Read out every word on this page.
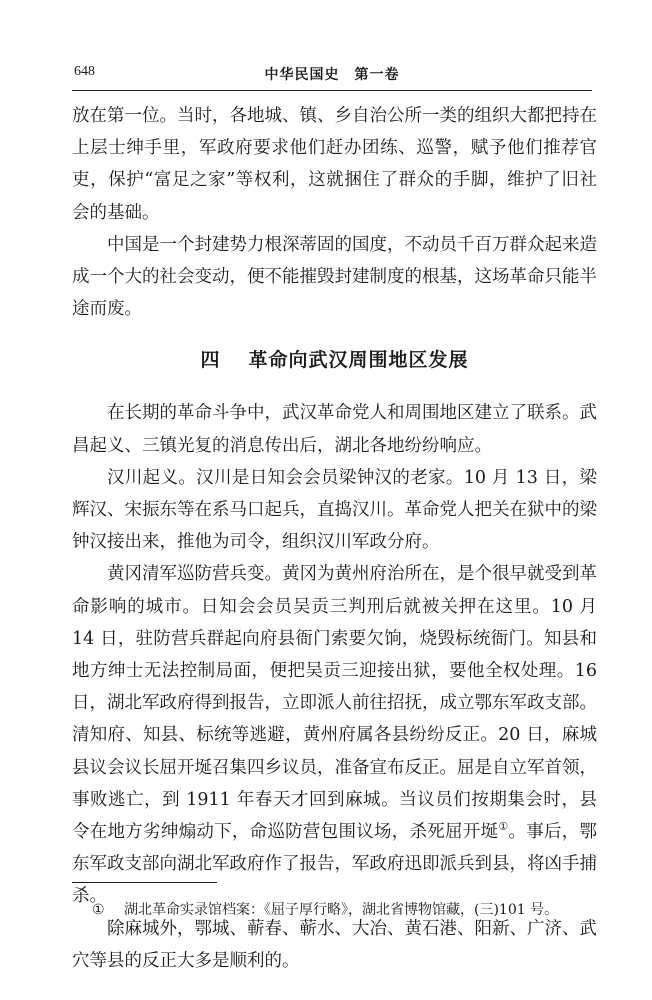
648	中华民国史　第一卷

放在第一位。当时，各地城、镇、乡自治公所一类的组织大都把持在上层士绅手里，军政府要求他们赶办团练、巡警，赋予他们推荐官吏，保护“富足之家”等权利，这就捆住了群众的手脚，维护了旧社会的基础。

中国是一个封建势力根深蒂固的国度，不动员千百万群众起来造成一个大的社会变动，便不能摧毁封建制度的根基，这场革命只能半途而废。

四 革命向武汉周围地区发展

在长期的革命斗争中，武汉革命党人和周围地区建立了联系。武昌起义、三镇光复的消息传出后，湖北各地纷纷响应。

汉川起义。汉川是日知会会员梁钟汉的老家。10 月 13 日，梁辉汉、宋振东等在系马口起兵，直捣汉川。革命党人把关在狱中的梁钟汉接出来，推他为司令，组织汉川军政分府。

黄冈清军巡防营兵变。黄冈为黄州府治所在，是个很早就受到革命影响的城市。日知会会员吴贡三判刑后就被关押在这里。10 月 14 日，驻防营兵群起向府县衙门索要欠饷，烧毁标统衙门。知县和地方绅士无法控制局面，便把吴贡三迎接出狱，要他全权处理。16 日，湖北军政府得到报告，立即派人前往招抚，成立鄂东军政支部。清知府、知县、标统等逃避，黄州府属各县纷纷反正。20 日，麻城县议会议长屈开埏召集四乡议员，准备宣布反正。屈是自立军首领，事败逃亡，到 1911 年春天才回到麻城。当议员们按期集会时，县令在地方劣绅煽动下，命巡防营包围议场，杀死屈开埏①。事后，鄂东军政支部向湖北军政府作了报告，军政府迅即派兵到县，将凶手捕杀。

除麻城外，鄂城、蕲春、蕲水、大冶、黄石港、阳新、广济、武穴等县的反正大多是顺利的。

① 湖北革命实录馆档案：《屈子厚行略》，湖北省博物馆藏，(三)101 号。
